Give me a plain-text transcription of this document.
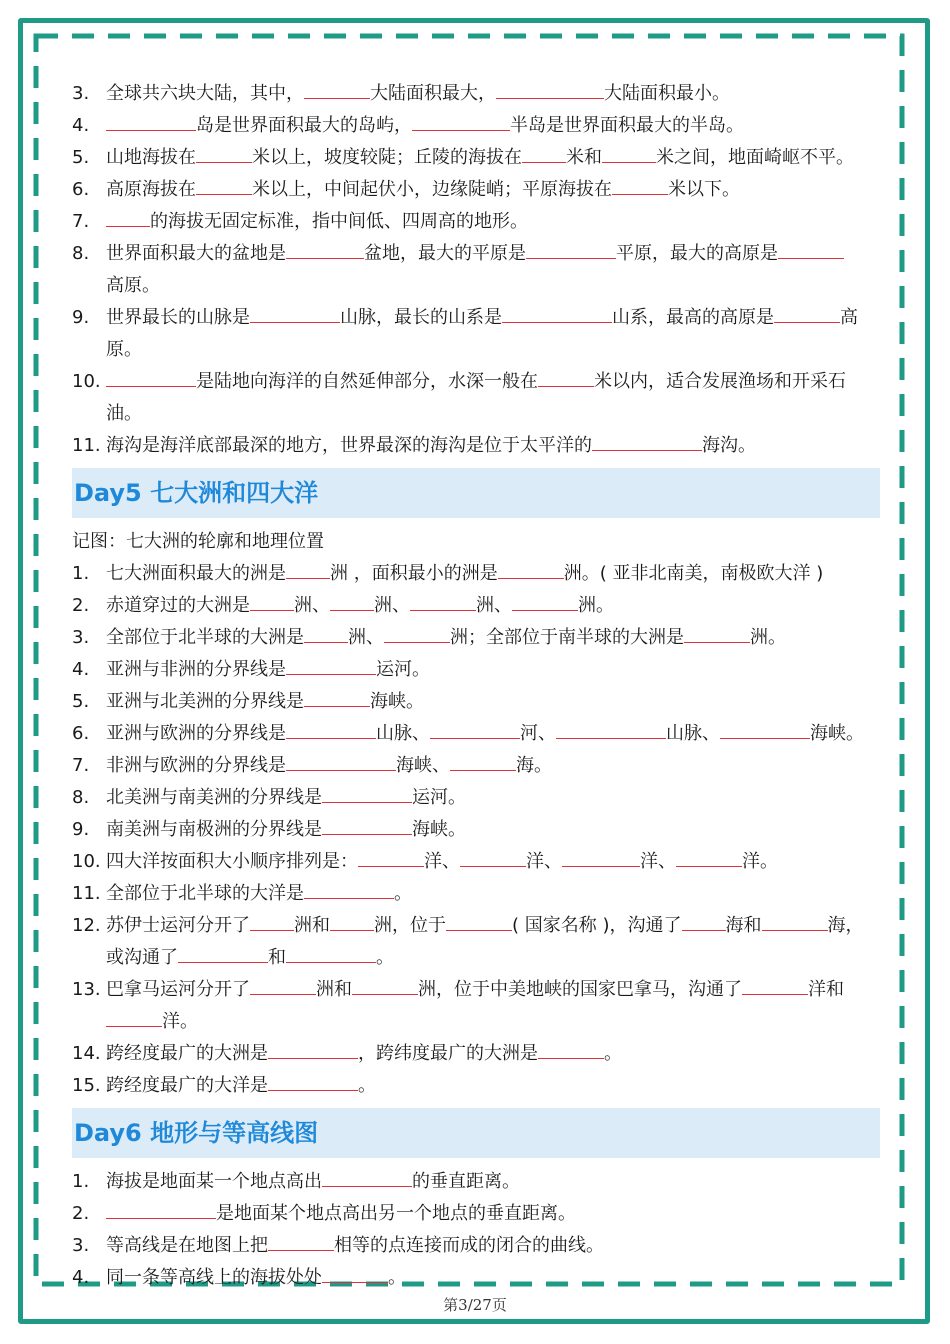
3. 全球共六块大陆，其中，	大陆面积最大，	大陆面积最小。
4.	岛是世界面积最大的岛屿，	半岛是世界面积最大的半岛。
5. 山地海拔在	米以上，坡度较陡；丘陵的海拔在 米和	米之间，地面崎岖不平。
6. 高原海拔在	米以上，中间起伏小，边缘陡峭；平原海拔在	米以下。
7.	的海拔无固定标准，指中间低、四周高的地形。
8. 世界面积最大的盆地是	盆地，最大的平原是	平原，最大的高原是
高原。
9. 世界最长的山脉是	山脉，最长的山系是	山系，最高的高原是	高
原。
10.	是陆地向海洋的自然延伸部分，水深一般在	米以内，适合发展渔场和开采石
油。
11. 海沟是海洋底部最深的地方，世界最深的海沟是位于太平洋的	海沟。
Day5 七大洲和四大洋
记图：七大洲的轮廓和地理位置
1. 七大洲面积最大的洲是 洲 ，面积最小的洲是	洲。( 亚非北南美，南极欧大洋 )
2. 赤道穿过的大洲是 洲、 洲、	洲、	洲。
3. 全部位于北半球的大洲是 洲、	洲；全部位于南半球的大洲是	洲。
4. 亚洲与非洲的分界线是	运河。
5. 亚洲与北美洲的分界线是	海峡。
6. 亚洲与欧洲的分界线是	山脉、	河、	山脉、	海峡。
7. 非洲与欧洲的分界线是	海峡、	海。
8. 北美洲与南美洲的分界线是	运河。
9. 南美洲与南极洲的分界线是	海峡。
10. 四大洋按面积大小顺序排列是：	洋、	洋、	洋、	洋。
11. 全部位于北半球的大洋是	。
12. 苏伊士运河分开了 洲和 洲，位于	( 国家名称 )，沟通了 海和	海，
或沟通了	和	。
13. 巴拿马运河分开了	洲和	洲，位于中美地峡的国家巴拿马，沟通了	洋和
洋。
14. 跨经度最广的大洲是	，跨纬度最广的大洲是	。
15. 跨经度最广的大洋是	。
Day6 地形与等高线图
1. 海拔是地面某一个地点高出	的垂直距离。
2.	是地面某个地点高出另一个地点的垂直距离。
3. 等高线是在地图上把	相等的点连接而成的闭合的曲线。
4. 同一条等高线上的海拔处处	。
第3/27页
